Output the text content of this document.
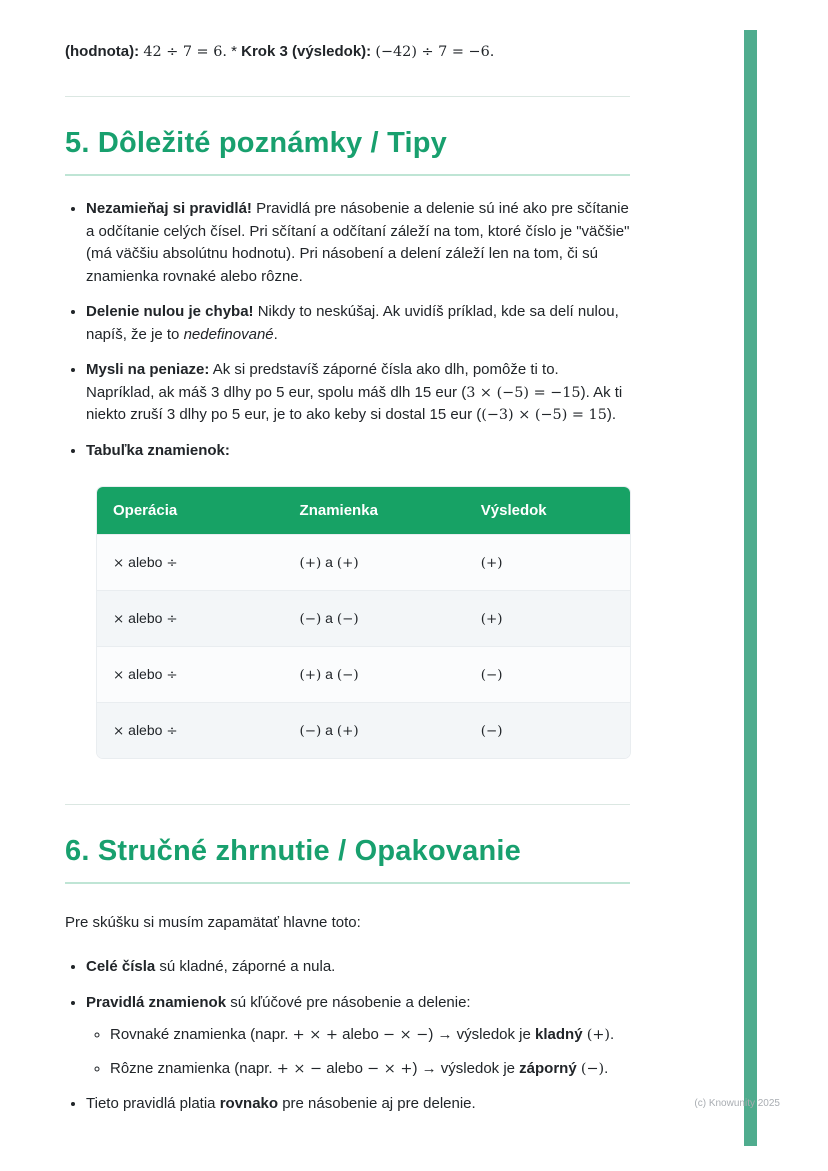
(hodnota): 42 ÷ 7 = 6. * Krok 3 (výsledok): (−42) ÷ 7 = −6.

5. Dôležité poznámky / Tipy
• Nezamieňaj si pravidlá! Pravidlá pre násobenie a delenie sú iné ako pre sčítanie a odčítanie celých čísel. Pri sčítaní a odčítaní záleží na tom, ktoré číslo je "väčšie" (má väčšiu absolútnu hodnotu). Pri násobení a delení záleží len na tom, či sú znamienka rovnaké alebo rôzne.
• Delenie nulou je chyba! Nikdy to neskúšaj. Ak uvidíš príklad, kde sa delí nulou, napíš, že je to nedefinované.
• Mysli na peniaze: Ak si predstavíš záporné čísla ako dlh, pomôže ti to. Napríklad, ak máš 3 dlhy po 5 eur, spolu máš dlh 15 eur (3 × (−5) = −15). Ak ti niekto zruší 3 dlhy po 5 eur, je to ako keby si dostal 15 eur ((−3) × (−5) = 15).
• Tabuľka znamienok:
Operácia	Znamienka	Výsledok
× alebo ÷	(+) a (+)	(+)
× alebo ÷	(−) a (−)	(+)
× alebo ÷	(+) a (−)	(−)
× alebo ÷	(−) a (+)	(−)
6. Stručné zhrnutie / Opakovanie

Pre skúšku si musím zapamätať hlavne toto:

• Celé čísla sú kladné, záporné a nula.
• Pravidlá znamienok sú kľúčové pre násobenie a delenie:
◦ Rovnaké znamienka (napr. + × + alebo − × −) → výsledok je kladný (+).
◦ Rôzne znamienka (napr. + × − alebo − × +) → výsledok je záporný (−).
• Tieto pravidlá platia rovnako pre násobenie aj pre delenie.	(c) Knowunity 2025
